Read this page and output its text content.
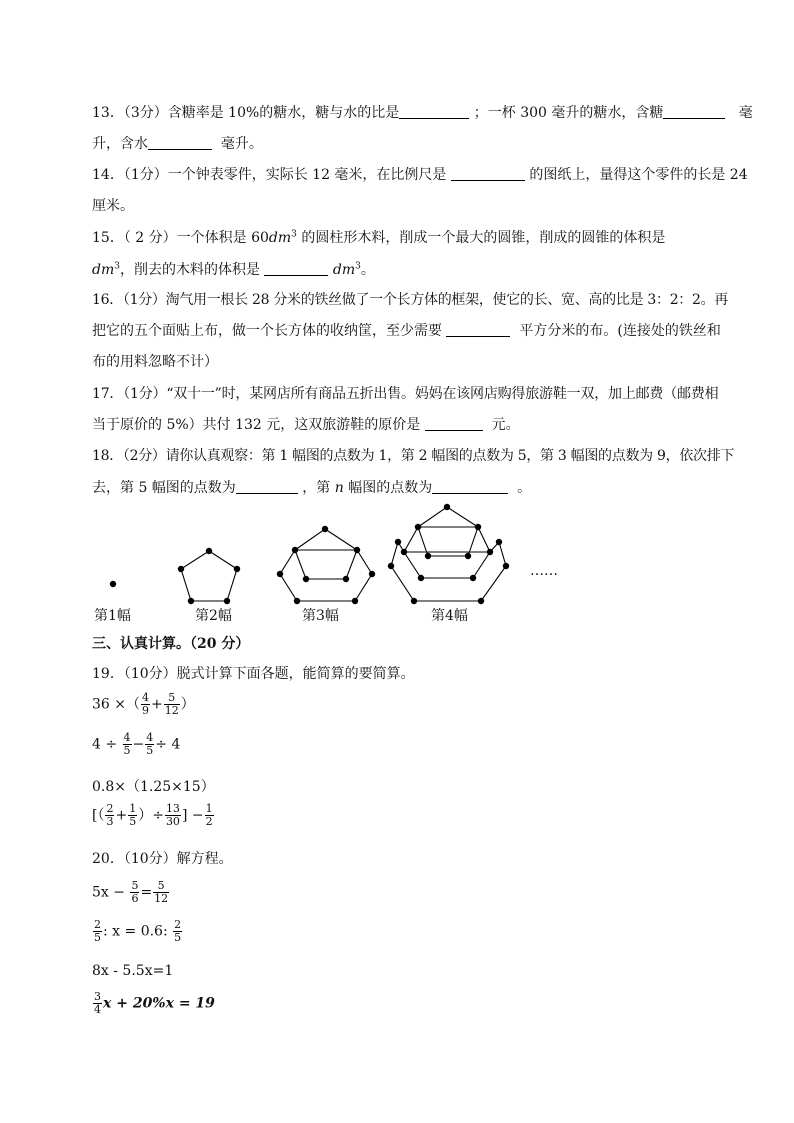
13．（3分）含糖率是 10%的糖水，糖与水的比是	；一杯 300 毫升的糖水，含糖	毫
升，含水	毫升。
14．（1分）一个钟表零件，实际长 12 毫米，在比例尺是	的图纸上，量得这个零件的长是 24
厘米。
15．（ 2 分）一个体积是 $60dm^3$ 的圆柱形木料，削成一个最大的圆锥，削成的圆锥的体积是
$dm^3$，削去的木料的体积是	$dm^3$。
16．（1分）淘气用一根长 28 分米的铁丝做了一个长方体的框架，使它的长、宽、高的比是 3：2：2。再
把它的五个面贴上布，做一个长方体的收纳筐，至少需要	平方分米的布。(连接处的铁丝和
布的用料忽略不计）
17．（1分）“双十一”时，某网店所有商品五折出售。妈妈在该网店购得旅游鞋一双，加上邮费（邮费相
当于原价的 5%）共付 132 元，这双旅游鞋的原价是	元。
18．（2分）请你认真观察：第 1 幅图的点数为 1，第 2 幅图的点数为 5，第 3 幅图的点数为 9，依次排下
去，第 5 幅图的点数为	，第 n 幅图的点数为	。
第1幅	第2幅	第3幅	第4幅
……
三、认真计算。（20 分）
19．（10分）脱式计算下面各题，能简算的要简算。
36 ×（ $\frac{4}{9} + \frac{5}{12}$ ）
$4 \div \frac{4}{5} - \frac{4}{5} \div 4$
0.8×（1.25×15）
[（ $\frac{2}{3} + \frac{1}{5}$ ）÷ $\frac{13}{30}$ ] − $\frac{1}{2}$
20．（10分）解方程。
$5x - \frac{5}{6} = \frac{5}{12}$
$\frac{2}{5}$ : x = 0.6: $\frac{2}{5}$
8x - 5.5x=1
$\frac{3}{4}$ x + 20%x = 19
